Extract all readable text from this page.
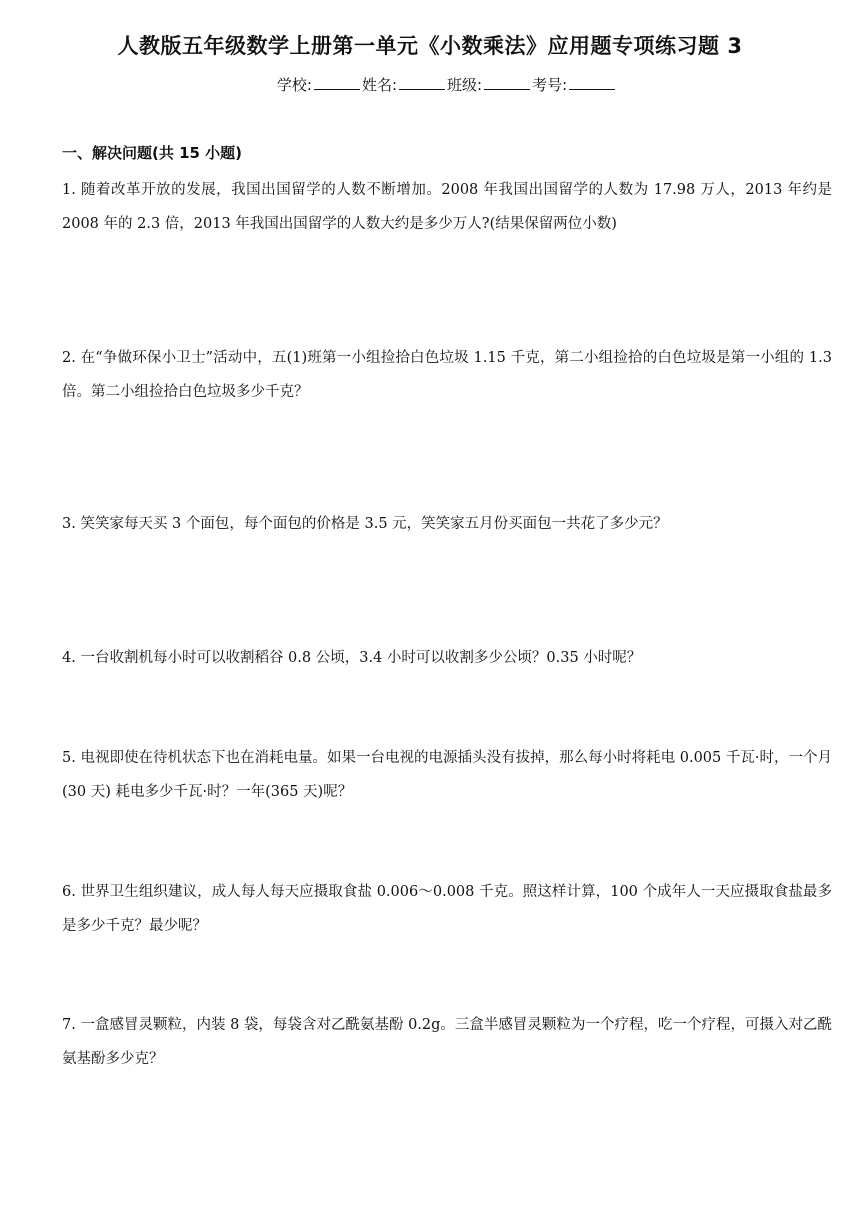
人教版五年级数学上册第一单元《小数乘法》应用题专项练习题 3
学校:	姓名:	班级:	考号:
一、解决问题(共 15 小题)

1. 随着改革开放的发展，我国出国留学的人数不断增加。2008 年我国出国留学的人数为 17.98 万人，2013 年约是 2008 年的 2.3 倍，2013 年我国出国留学的人数大约是多少万人?(结果保留两位小数)

2. 在“争做环保小卫士”活动中，五(1)班第一小组捡拾白色垃圾 1.15 千克，第二小组捡拾的白色垃圾是第一小组的 1.3 倍。第二小组捡拾白色垃圾多少千克？

3. 笑笑家每天买 3 个面包，每个面包的价格是 3.5 元，笑笑家五月份买面包一共花了多少元？

4. 一台收割机每小时可以收割稻谷 0.8 公顷，3.4 小时可以收割多少公顷？0.35 小时呢？

5. 电视即使在待机状态下也在消耗电量。如果一台电视的电源插头没有拔掉，那么每小时将耗电 0.005 千瓦·时，一个月(30 天) 耗电多少千瓦·时？一年(365 天)呢？

6. 世界卫生组织建议，成人每人每天应摄取食盐 0.006～0.008 千克。照这样计算，100 个成年人一天应摄取食盐最多是多少千克？最少呢？

7. 一盒感冒灵颗粒，内装 8 袋，每袋含对乙酰氨基酚 0.2g。三盒半感冒灵颗粒为一个疗程，吃一个疗程，可摄入对乙酰氨基酚多少克？
